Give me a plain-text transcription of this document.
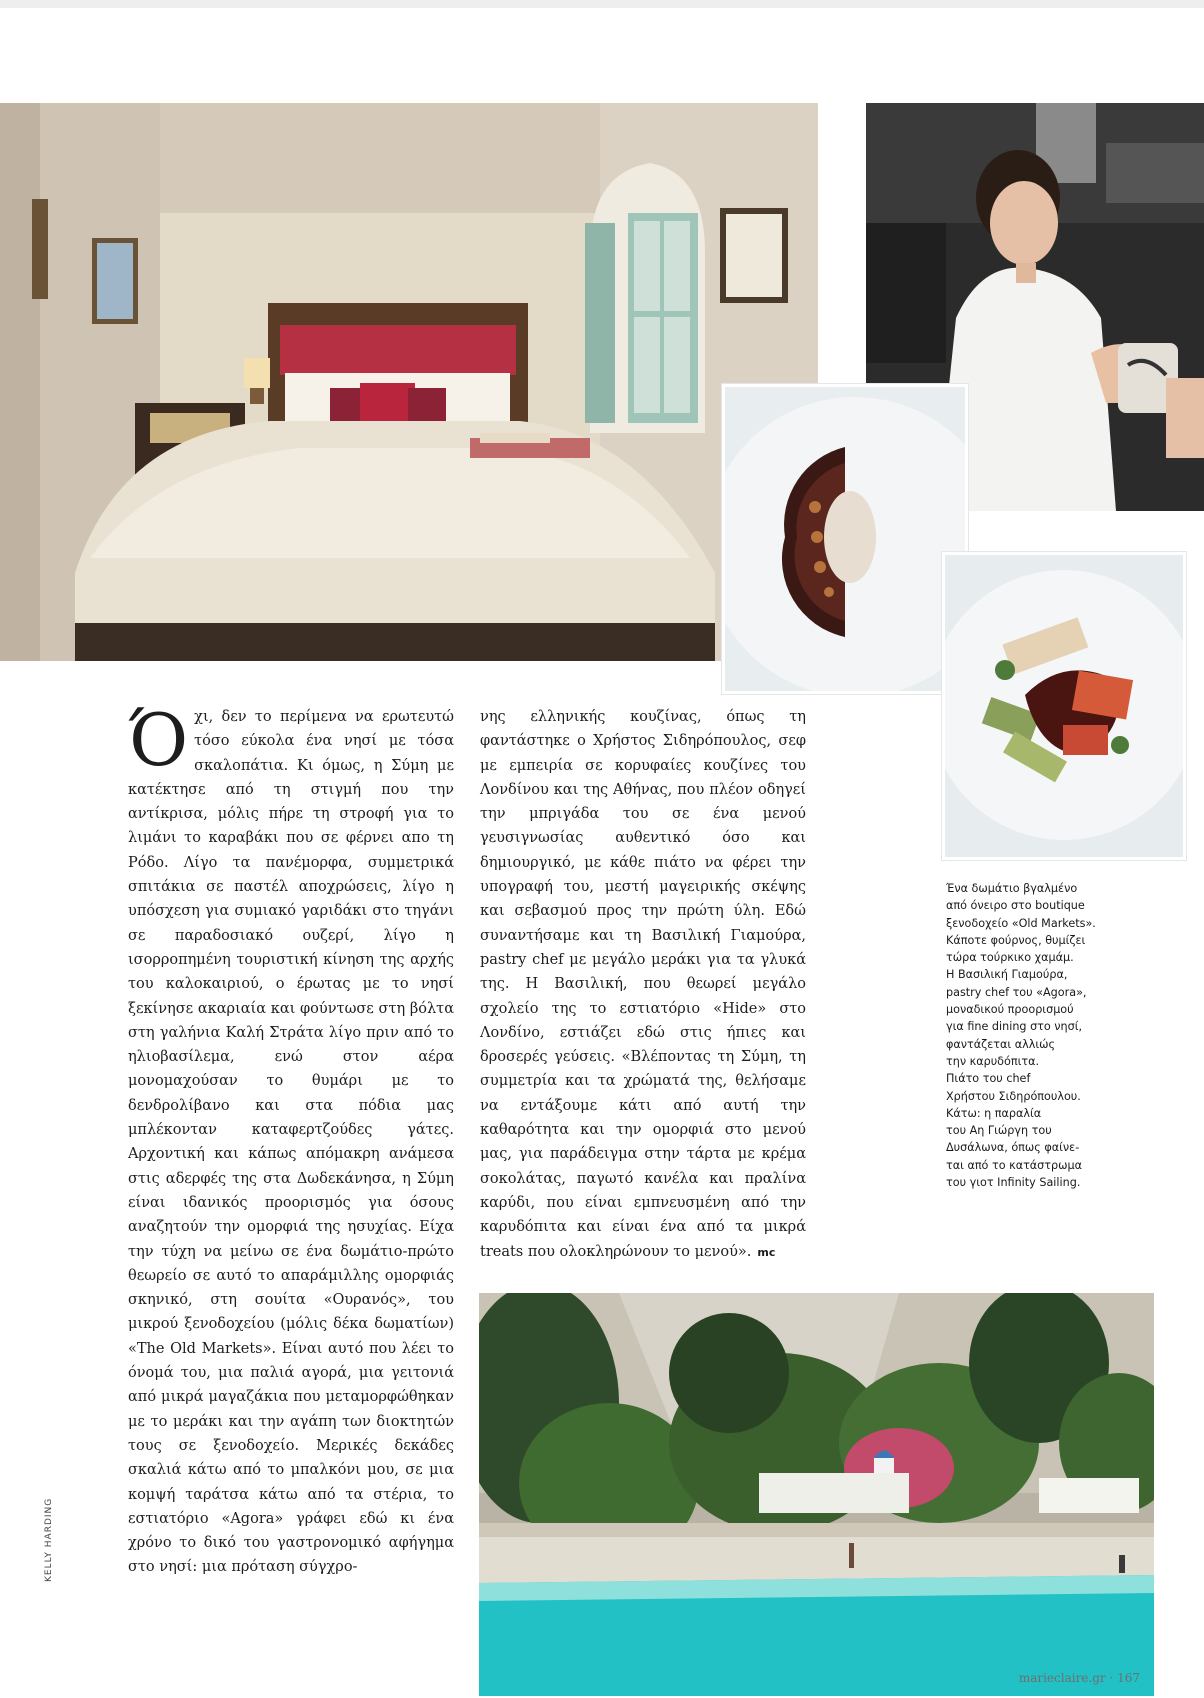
Όχι, δεν το περίμενα να ερωτευτώ τόσο εύκολα ένα νησί με τόσα σκαλοπάτια. Κι όμως, η Σύμη με κατέκτησε από τη στιγμή που την αντίκρισα, μόλις πήρε τη στροφή για το λιμάνι το καραβάκι που σε φέρνει απο τη Ρόδο. Λίγο τα πανέμορφα, συμμετρικά σπιτάκια σε παστέλ αποχρώσεις, λίγο η υπόσχεση για συμιακό γαριδάκι στο τηγάνι σε παραδοσιακό ουζερί, λίγο η ισορροπημένη τουριστική κίνηση της αρχής του καλοκαιριού, ο έρωτας με το νησί ξεκίνησε ακαριαία και φούντωσε στη βόλτα στη γαλήνια Καλή Στράτα λίγο πριν από το ηλιοβασίλεμα, ενώ στον αέρα μονομαχούσαν το θυμάρι με το δενδρολίβανο και στα πόδια μας μπλέκονταν καταφερτζούδες γάτες. Αρχοντική και κάπως απόμακρη ανάμεσα στις αδερφές της στα Δωδεκάνησα, η Σύμη είναι ιδανικός προορισμός για όσους αναζητούν την ομορφιά της ησυχίας. Είχα την τύχη να μείνω σε ένα δωμάτιο-πρώτο θεωρείο σε αυτό το απαράμιλλης ομορφιάς σκηνικό, στη σουίτα «Ουρανός», του μικρού ξενοδοχείου (μόλις δέκα δωματίων) «The Old Markets». Είναι αυτό που λέει το όνομά του, μια παλιά αγορά, μια γειτονιά από μικρά μαγαζάκια που μεταμορφώθηκαν με το μεράκι και την αγάπη των διοκτητών τους σε ξενοδοχείο. Μερικές δεκάδες σκαλιά κάτω από το μπαλκόνι μου, σε μια κομψή ταράτσα κάτω από τα στέρια, το εστιατόριο «Agora» γράφει εδώ κι ένα χρόνο το δικό του γαστρονομικό αφήγημα στο νησί: μια πρόταση σύγχρο-

νης ελληνικής κουζίνας, όπως τη φαντάστηκε ο Χρήστος Σιδηρόπουλος, σεφ με εμπειρία σε κορυφαίες κουζίνες του Λονδίνου και της Αθήνας, που πλέον οδηγεί την μπριγάδα του σε ένα μενού γευσιγνωσίας αυθεντικό όσο και δημιουργικό, με κάθε πιάτο να φέρει την υπογραφή του, μεστή μαγειρικής σκέψης και σεβασμού προς την πρώτη ύλη. Εδώ συναντήσαμε και τη Βασιλική Γιαμούρα, pastry chef με μεγάλο μεράκι για τα γλυκά της. Η Βασιλική, που θεωρεί μεγάλο σχολείο της το εστιατόριο «Hide» στο Λονδίνο, εστιάζει εδώ στις ήπιες και δροσερές γεύσεις. «Βλέποντας τη Σύμη, τη συμμετρία και τα χρώματά της, θελήσαμε να εντάξουμε κάτι από αυτή την καθαρότητα και την ομορφιά στο μενού μας, για παράδειγμα στην τάρτα με κρέμα σοκολάτας, παγωτό κανέλα και πραλίνα καρύδι, που είναι εμπνευσμένη από την καρυδόπιτα και είναι ένα από τα μικρά treats που ολοκληρώνουν το μενού». mc

Ένα δωμάτιο βγαλμένο
από όνειρο στο boutique
ξενοδοχείο «Old Markets».
Κάποτε φούρνος, θυμίζει
τώρα τούρκικο χαμάμ.
Η Βασιλική Γιαμούρα,
pastry chef του «Agora»,
μοναδικού προορισμού
για fine dining στο νησί,
φαντάζεται αλλιώς
την καρυδόπιτα.
Πιάτο του chef
Χρήστου Σιδηρόπουλου.
Κάτω: η παραλία
του Αη Γιώργη του
Δυσάλωνα, όπως φαίνε-
ται από το κατάστρωμα
του γιοτ Infinity Sailing.
KELLY HARDING
marieclaire.gr · 167
